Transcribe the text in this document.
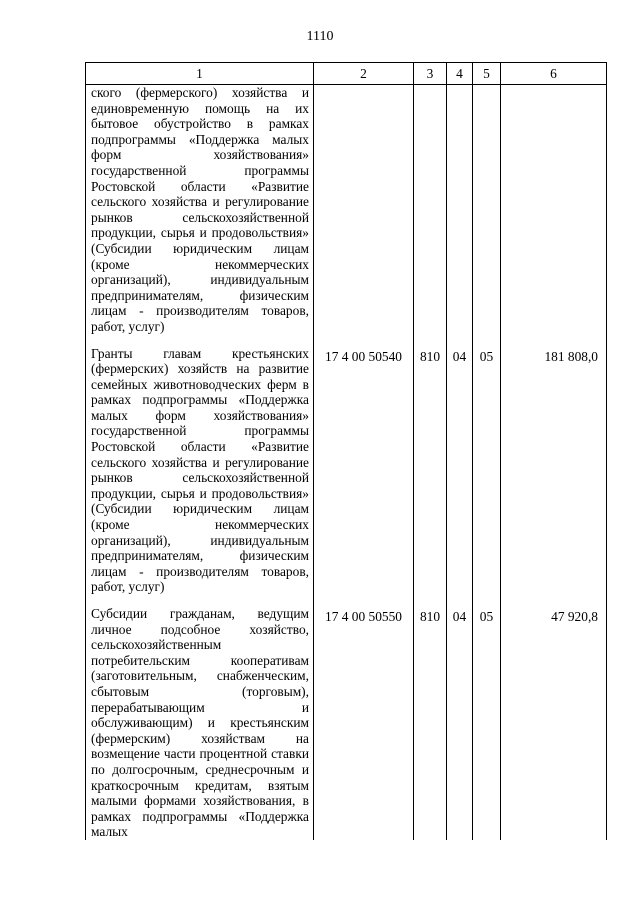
1110
1	2	3	4	5	6

ского (фермерского) хозяйства и единовременную помощь на их бытовое обустройство в рамках подпрограммы «Поддержка малых форм хозяйствования» государственной программы Ростовской области «Развитие сельского хозяйства и регулирование рынков сельскохозяйственной продукции, сырья и продовольствия» (Субсидии юридическим лицам (кроме некоммерческих организаций), индивидуальным предпринимателям, физическим лицам - производителям товаров, работ, услуг)					

Гранты главам крестьянских (фермерских) хозяйств на развитие семейных животноводческих ферм в рамках подпрограммы «Поддержка малых форм хозяйствования» государственной программы Ростовской области «Развитие сельского хозяйства и регулирование рынков сельскохозяйственной продукции, сырья и продовольствия» (Субсидии юридическим лицам (кроме некоммерческих организаций), индивидуальным предпринимателям, физическим лицам - производителям товаров, работ, услуг)	17 4 00 50540	810	04	05	181 808,0

Субсидии гражданам, ведущим личное подсобное хозяйство, сельскохозяйственным потребительским кооперативам (заготовительным, снабженческим, сбытовым (торговым), перерабатывающим и обслуживающим) и крестьянским (фермерским) хозяйствам на возмещение части процентной ставки по долгосрочным, среднесрочным и краткосрочным кредитам, взятым малыми формами хозяйствования, в рамках подпрограммы «Поддержка малых	17 4 00 50550	810	04	05	47 920,8
